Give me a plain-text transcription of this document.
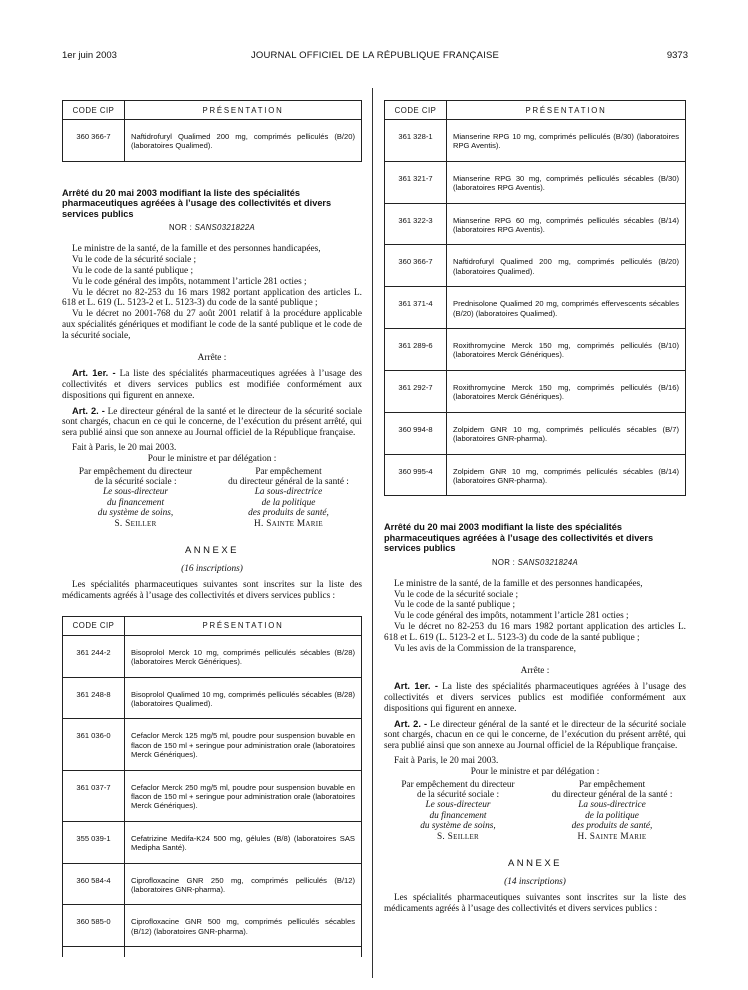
1er juin 2003	JOURNAL OFFICIEL DE LA RÉPUBLIQUE FRANÇAISE	9373
CODE CIP	PRÉSENTATION
360 366-7	Naftidrofuryl Qualimed 200 mg, comprimés pelliculés (B/20) (laboratoires Qualimed).
Arrêté du 20 mai 2003 modifiant la liste des spécialités pharmaceutiques agréées à l’usage des collectivités et divers services publics
NOR : SANS0321822A

Le ministre de la santé, de la famille et des personnes handicapées,

Vu le code de la sécurité sociale ;

Vu le code de la santé publique ;

Vu le code général des impôts, notamment l’article 281 octies ;

Vu le décret no 82-253 du 16 mars 1982 portant application des articles L. 618 et L. 619 (L. 5123-2 et L. 5123-3) du code de la santé publique ;

Vu le décret no 2001-768 du 27 août 2001 relatif à la procédure applicable aux spécialités génériques et modifiant le code de la santé publique et le code de la sécurité sociale,

Arrête :

Art. 1er. - La liste des spécialités pharmaceutiques agréées à l’usage des collectivités et divers services publics est modifiée conformément aux dispositions qui figurent en annexe.

Art. 2. - Le directeur général de la santé et le directeur de la sécurité sociale sont chargés, chacun en ce qui le concerne, de l’exécution du présent arrêté, qui sera publié ainsi que son annexe au Journal officiel de la République française.

Fait à Paris, le 20 mai 2003.

Pour le ministre et par délégation :

Par empêchement du directeur
de la sécurité sociale :
Le sous-directeur
du financement
du système de soins,
S. Seiller
Par empêchement
du directeur général de la santé :
La sous-directrice
de la politique
des produits de santé,
H. Sainte Marie
ANNEXE
(16 inscriptions)

Les spécialités pharmaceutiques suivantes sont inscrites sur la liste des médicaments agréés à l’usage des collectivités et divers services publics :

CODE CIP	PRÉSENTATION
361 244-2	Bisoprolol Merck 10 mg, comprimés pelliculés sécables (B/28) (laboratoires Merck Génériques).
361 248-8	Bisoprolol Qualimed 10 mg, comprimés pelliculés sécables (B/28) (laboratoires Qualimed).
361 036-0	Cefaclor Merck 125 mg/5 ml, poudre pour suspension buvable en flacon de 150 ml + seringue pour administration orale (laboratoires Merck Génériques).
361 037-7	Cefaclor Merck 250 mg/5 ml, poudre pour suspension buvable en flacon de 150 ml + seringue pour administration orale (laboratoires Merck Génériques).
355 039-1	Cefatrizine Medifa-K24 500 mg, gélules (B/8) (laboratoires SAS Medipha Santé).
360 584-4	Ciprofloxacine GNR 250 mg, comprimés pelliculés (B/12) (laboratoires GNR-pharma).
360 585-0	Ciprofloxacine GNR 500 mg, comprimés pelliculés sécables (B/12) (laboratoires GNR-pharma).

CODE CIP	PRÉSENTATION
361 328-1	Mianserine RPG 10 mg, comprimés pelliculés (B/30) (laboratoires RPG Aventis).
361 321-7	Mianserine RPG 30 mg, comprimés pelliculés sécables (B/30) (laboratoires RPG Aventis).
361 322-3	Mianserine RPG 60 mg, comprimés pelliculés sécables (B/14) (laboratoires RPG Aventis).
360 366-7	Naftidrofuryl Qualimed 200 mg, comprimés pelliculés (B/20) (laboratoires Qualimed).
361 371-4	Prednisolone Qualimed 20 mg, comprimés effervescents sécables (B/20) (laboratoires Qualimed).
361 289-6	Roxithromycine Merck 150 mg, comprimés pelliculés (B/10) (laboratoires Merck Génériques).
361 292-7	Roxithromycine Merck 150 mg, comprimés pelliculés (B/16) (laboratoires Merck Génériques).
360 994-8	Zolpidem GNR 10 mg, comprimés pelliculés sécables (B/7) (laboratoires GNR-pharma).
360 995-4	Zolpidem GNR 10 mg, comprimés pelliculés sécables (B/14) (laboratoires GNR-pharma).
Arrêté du 20 mai 2003 modifiant la liste des spécialités pharmaceutiques agréées à l’usage des collectivités et divers services publics
NOR : SANS0321824A

Le ministre de la santé, de la famille et des personnes handicapées,

Vu le code de la sécurité sociale ;

Vu le code de la santé publique ;

Vu le code général des impôts, notamment l’article 281 octies ;

Vu le décret no 82-253 du 16 mars 1982 portant application des articles L. 618 et L. 619 (L. 5123-2 et L. 5123-3) du code de la santé publique ;

Vu les avis de la Commission de la transparence,

Arrête :

Art. 1er. - La liste des spécialités pharmaceutiques agréées à l’usage des collectivités et divers services publics est modifiée conformément aux dispositions qui figurent en annexe.

Art. 2. - Le directeur général de la santé et le directeur de la sécurité sociale sont chargés, chacun en ce qui le concerne, de l’exécution du présent arrêté, qui sera publié ainsi que son annexe au Journal officiel de la République française.

Fait à Paris, le 20 mai 2003.

Pour le ministre et par délégation :

Par empêchement du directeur
de la sécurité sociale :
Le sous-directeur
du financement
du système de soins,
S. Seiller
Par empêchement
du directeur général de la santé :
La sous-directrice
de la politique
des produits de santé,
H. Sainte Marie
ANNEXE
(14 inscriptions)

Les spécialités pharmaceutiques suivantes sont inscrites sur la liste des médicaments agréés à l’usage des collectivités et divers services publics :
